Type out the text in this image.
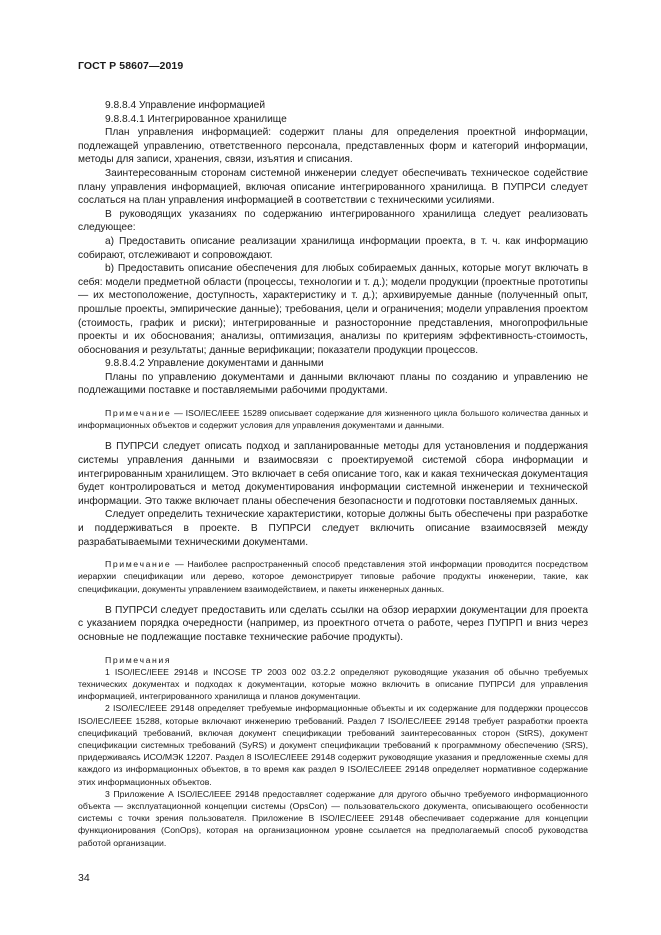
ГОСТ Р 58607—2019

9.8.8.4 Управление информацией

9.8.8.4.1 Интегрированное хранилище

План управления информацией: содержит планы для определения проектной информации, подлежащей управлению, ответственного персонала, представленных форм и категорий информации, методы для записи, хранения, связи, изъятия и списания.

Заинтересованным сторонам системной инженерии следует обеспечивать техническое содействие плану управления информацией, включая описание интегрированного хранилища. В ПУПРСИ следует сослаться на план управления информацией в соответствии с техническими усилиями.

В руководящих указаниях по содержанию интегрированного хранилища следует реализовать следующее:

a) Предоставить описание реализации хранилища информации проекта, в т. ч. как информацию собирают, отслеживают и сопровождают.

b) Предоставить описание обеспечения для любых собираемых данных, которые могут включать в себя: модели предметной области (процессы, технологии и т. д.); модели продукции (проектные прототипы — их местоположение, доступность, характеристику и т. д.); архивируемые данные (полученный опыт, прошлые проекты, эмпирические данные); требования, цели и ограничения; модели управления проектом (стоимость, график и риски); интегрированные и разносторонние представления, многопрофильные проекты и их обоснования; анализы, оптимизация, анализы по критериям эффективность-стоимость, обоснования и результаты; данные верификации; показатели продукции процессов.

9.8.8.4.2 Управление документами и данными

Планы по управлению документами и данными включают планы по созданию и управлению не подлежащими поставке и поставляемыми рабочими продуктами.

Примечание — ISO/IEC/IEEE 15289 описывает содержание для жизненного цикла большого количества данных и информационных объектов и содержит условия для управления документами и данными.

В ПУПРСИ следует описать подход и запланированные методы для установления и поддержания системы управления данными и взаимосвязи с проектируемой системой сбора информации и интегрированным хранилищем. Это включает в себя описание того, как и какая техническая документация будет контролироваться и метод документирования информации системной инженерии и технической информации. Это также включает планы обеспечения безопасности и подготовки поставляемых данных.

Следует определить технические характеристики, которые должны быть обеспечены при разработке и поддерживаться в проекте. В ПУПРСИ следует включить описание взаимосвязей между разрабатываемыми техническими документами.

Примечание — Наиболее распространенный способ представления этой информации проводится посредством иерархии спецификации или дерево, которое демонстрирует типовые рабочие продукты инженерии, такие, как спецификации, документы управлением взаимодействием, и пакеты инженерных данных.

В ПУПРСИ следует предоставить или сделать ссылки на обзор иерархии документации для проекта с указанием порядка очередности (например, из проектного отчета о работе, через ПУПРП и вниз через основные не подлежащие поставке технические рабочие продукты).

Примечания

1 ISO/IEC/IEEE 29148 и INCOSE TP 2003 002 03.2.2 определяют руководящие указания об обычно требуемых технических документах и подходах к документации, которые можно включить в описание ПУПРСИ для управления информацией, интегрированного хранилища и планов документации.

2 ISO/IEC/IEEE 29148 определяет требуемые информационные объекты и их содержание для поддержки процессов ISO/IEC/IEEE 15288, которые включают инженерию требований. Раздел 7 ISO/IEC/IEEE 29148 требует разработки проекта спецификаций требований, включая документ спецификации требований заинтересованных сторон (StRS), документ спецификации системных требований (SyRS) и документ спецификации требований к программному обеспечению (SRS), придерживаясь ИСО/МЭК 12207. Раздел 8 ISO/IEC/IEEE 29148 содержит руководящие указания и предложенные схемы для каждого из информационных объектов, в то время как раздел 9 ISO/IEC/IEEE 29148 определяет нормативное содержание этих информационных объектов.

3 Приложение А ISO/IEC/IEEE 29148 предоставляет содержание для другого обычно требуемого информационного объекта — эксплуатационной концепции системы (OpsCon) — пользовательского документа, описывающего особенности системы с точки зрения пользователя. Приложение В ISO/IEC/IEEE 29148 обеспечивает содержание для концепции функционирования (ConOps), которая на организационном уровне ссылается на предполагаемый способ руководства работой организации.

34
